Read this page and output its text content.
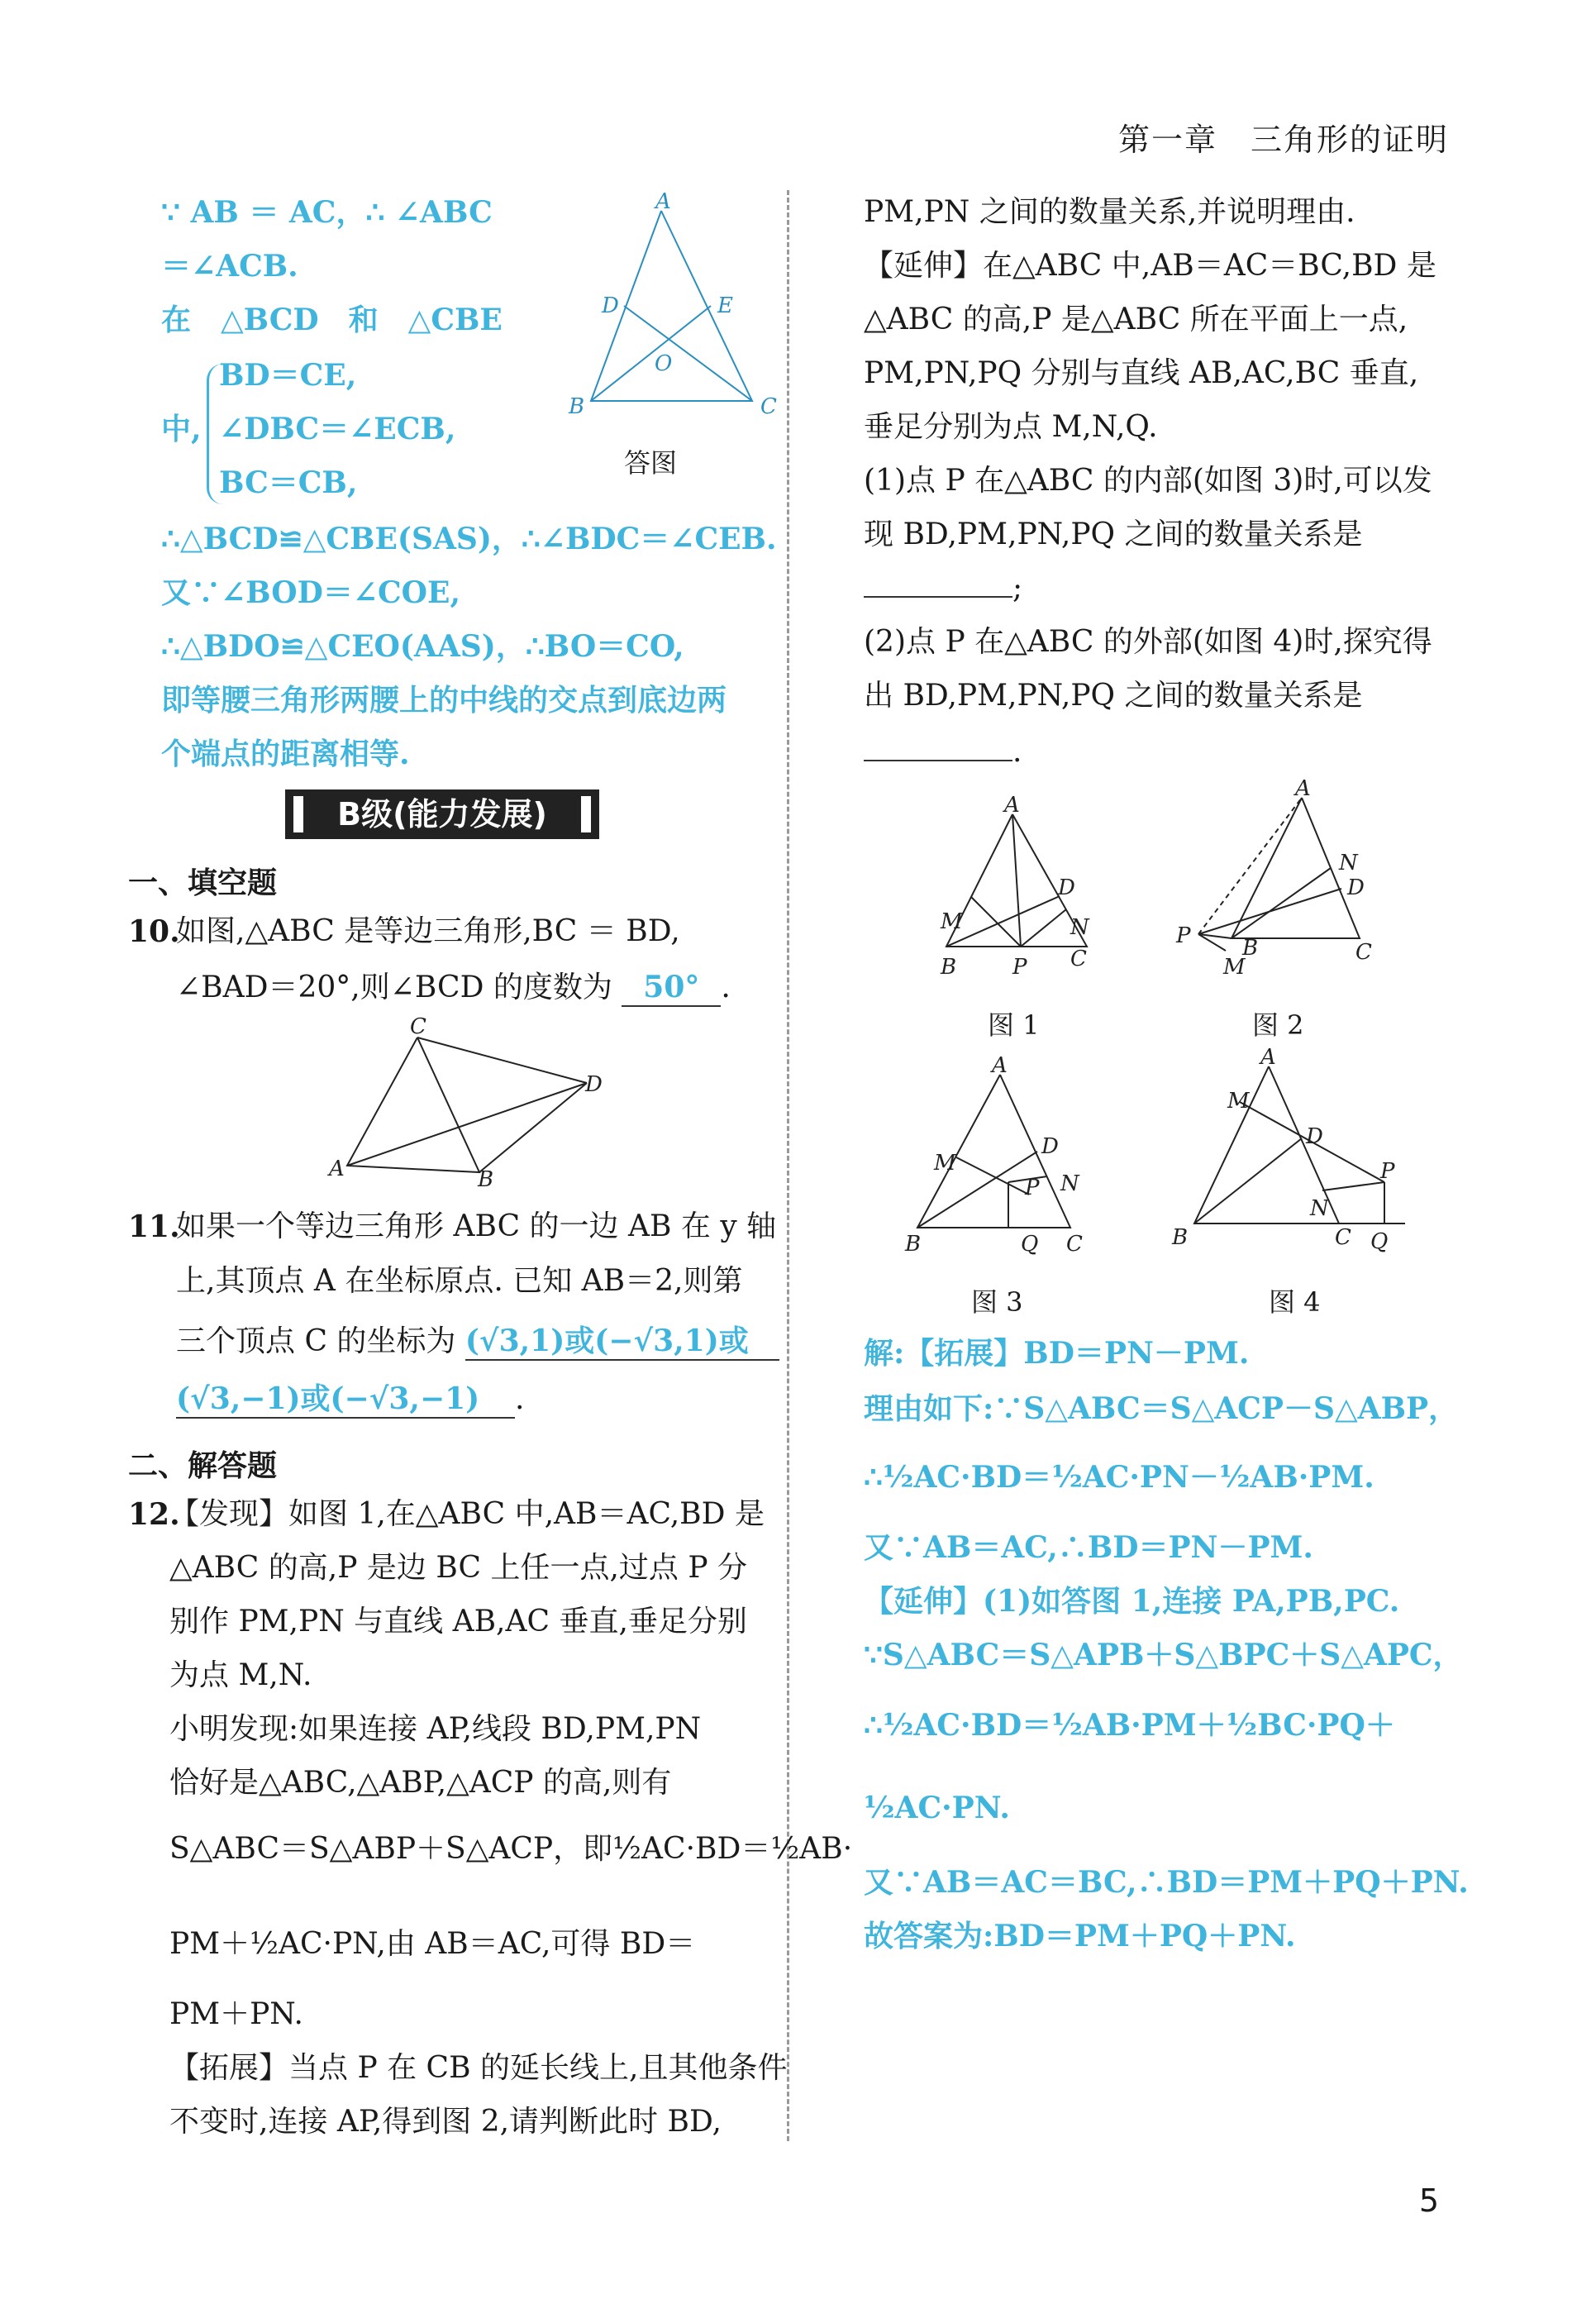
第一章　三角形的证明
∵ AB ＝ AC，∴ ∠ABC
＝∠ACB.
在　△BCD　和　△CBE
中,
BD＝CE,
∠DBC＝∠ECB,
BC＝CB,
∴△BCD≌△CBE(SAS)，∴∠BDC＝∠CEB.
又∵∠BOD＝∠COE,
∴△BDO≌△CEO(AAS)，∴BO＝CO,
即等腰三角形两腰上的中线的交点到底边两
个端点的距离相等.
A
D	E
O
B	C
答图
B级(能力发展)
一、填空题
10.
如图,△ABC 是等边三角形,BC ＝ BD,
∠BAD＝20°,则∠BCD 的度数为 50° .
C
D
A	B
11.
如果一个等边三角形 ABC 的一边 AB 在 y 轴
上,其顶点 A 在坐标原点. 已知 AB＝2,则第
三个顶点 C 的坐标为 (√3,1)或(−√3,1)或
(√3,−1)或(−√3,−1) .
二、解答题
12.
【发现】如图 1,在△ABC 中,AB＝AC,BD 是
△ABC 的高,P 是边 BC 上任一点,过点 P 分
别作 PM,PN 与直线 AB,AC 垂直,垂足分别
为点 M,N.
小明发现:如果连接 AP,线段 BD,PM,PN
恰好是△ABC,△ABP,△ACP 的高,则有
S△ABC＝S△ABP＋S△ACP，即½AC·BD＝½AB·
PM＋½AC·PN,由 AB＝AC,可得 BD＝
PM＋PN.
【拓展】当点 P 在 CB 的延长线上,且其他条件
不变时,连接 AP,得到图 2,请判断此时 BD,
PM,PN 之间的数量关系,并说明理由.
【延伸】在△ABC 中,AB＝AC＝BC,BD 是
△ABC 的高,P 是△ABC 所在平面上一点,
PM,PN,PQ 分别与直线 AB,AC,BC 垂直,
垂足分别为点 M,N,Q.
(1)点 P 在△ABC 的内部(如图 3)时,可以发
现 BD,PM,PN,PQ 之间的数量关系是
;
(2)点 P 在△ABC 的外部(如图 4)时,探究得
出 BD,PM,PN,PQ 之间的数量关系是
.
A
D
M	N
B	P C
图 1
A
N
D
P B
M
C
图 2
A
D
M
P N
B	Q C
图 3
A
M
D
P
N
B	C Q
图 4
解:【拓展】BD＝PN－PM.
理由如下:∵S△ABC＝S△ACP－S△ABP，
∴½AC·BD＝½AC·PN－½AB·PM.
又∵AB＝AC,∴BD＝PN－PM.
【延伸】(1)如答图 1,连接 PA,PB,PC.
∵S△ABC＝S△APB＋S△BPC＋S△APC，
∴½AC·BD＝½AB·PM＋½BC·PQ＋
½AC·PN.
又∵AB＝AC＝BC,∴BD＝PM＋PQ＋PN.
故答案为:BD＝PM＋PQ＋PN.
5
